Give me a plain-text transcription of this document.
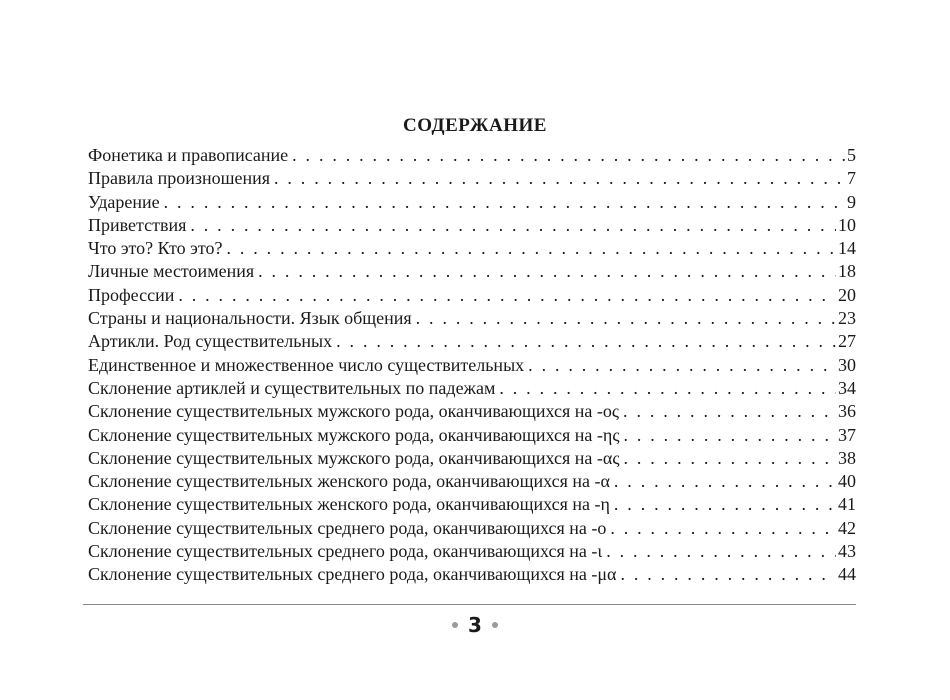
СОДЕРЖАНИЕ
Фонетика и правописание . . .	5
Правила произношения . . .	7
Ударение . . .	9
Приветствия . . .	10
Что это? Кто это? . . .	14
Личные местоимения . . .	18
Профессии . . .	20
Страны и национальности. Язык общения . . .	23
Артикли. Род существительных . . .	27
Единственное и множественное число существительных . . .	30
Склонение артиклей и существительных по падежам . . .	34
Склонение существительных мужского рода, оканчивающихся на -ος . . .	36
Склонение существительных мужского рода, оканчивающихся на -ης . . .	37
Склонение существительных мужского рода, оканчивающихся на -ας . . .	38
Склонение существительных женского рода, оканчивающихся на -α . . .	40
Склонение существительных женского рода, оканчивающихся на -η . . .	41
Склонение существительных среднего рода, оканчивающихся на -ο . . .	42
Склонение существительных среднего рода, оканчивающихся на -ι . . .	43
Склонение существительных среднего рода, оканчивающихся на -μα . . .	44
3
